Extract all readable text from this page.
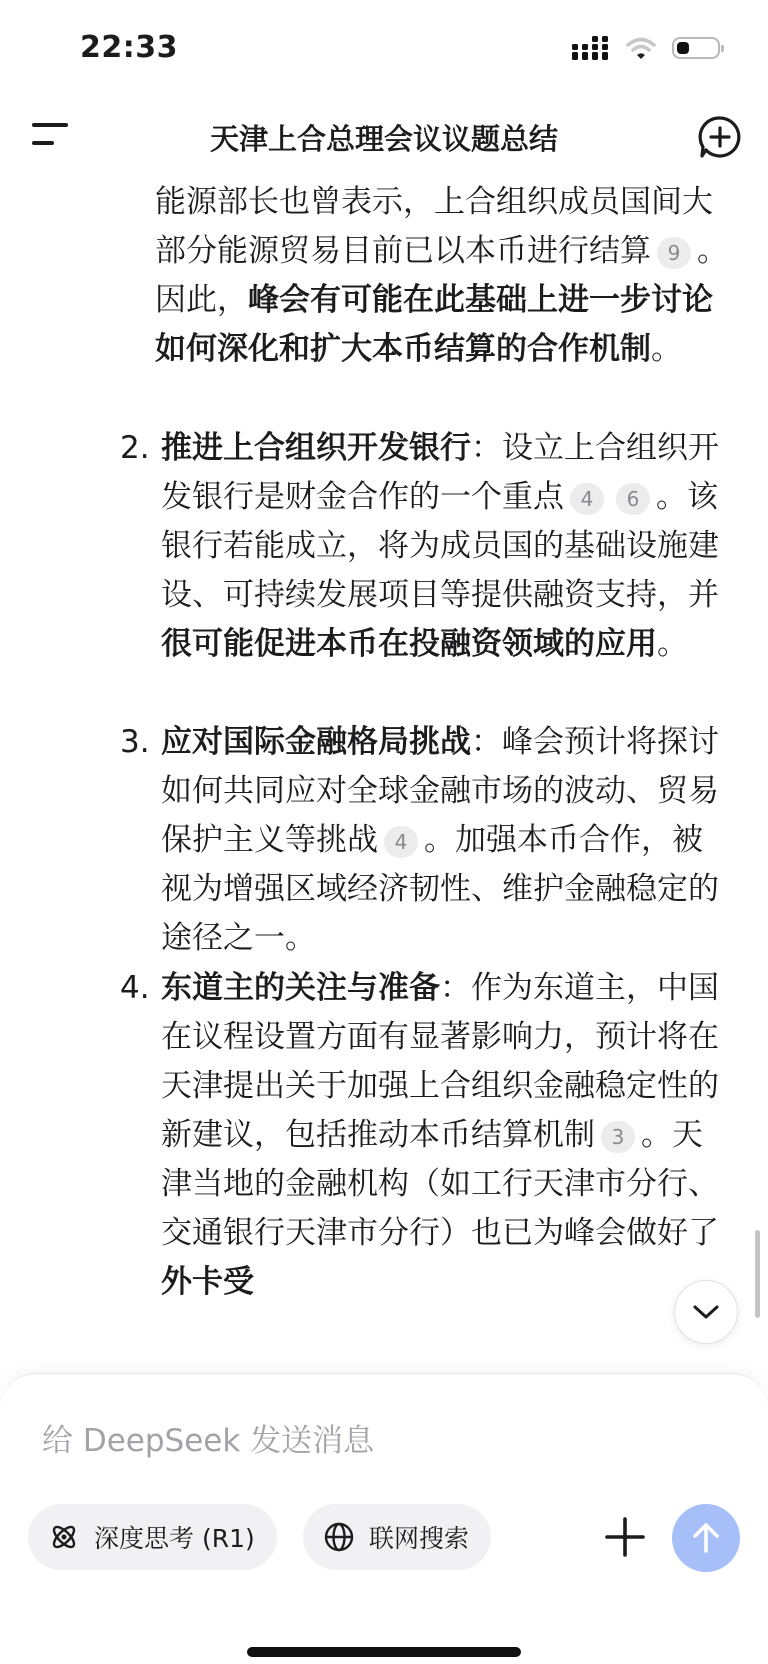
22:33
天津上合总理会议议题总结
能源部长也曾表示，上合组织成员国间大部分能源贸易目前已以本币进行结算 9 。因此，峰会有可能在此基础上进一步讨论如何深化和扩大本币结算的合作机制。
2. 推进上合组织开发银行：设立上合组织开发银行是财金合作的一个重点 4 6 。该银行若能成立，将为成员国的基础设施建设、可持续发展项目等提供融资支持，并很可能促进本币在投融资领域的应用。
3. 应对国际金融格局挑战：峰会预计将探讨如何共同应对全球金融市场的波动、贸易保护主义等挑战 4 。加强本币合作，被视为增强区域经济韧性、维护金融稳定的途径之一。
4. 东道主的关注与准备：作为东道主，中国在议程设置方面有显著影响力，预计将在天津提出关于加强上合组织金融稳定性的新建议，包括推动本币结算机制 3 。天津当地的金融机构（如工行天津市分行、交通银行天津市分行）也已为峰会做好了外卡受
给 DeepSeek 发送消息
深度思考 (R1)	联网搜索
